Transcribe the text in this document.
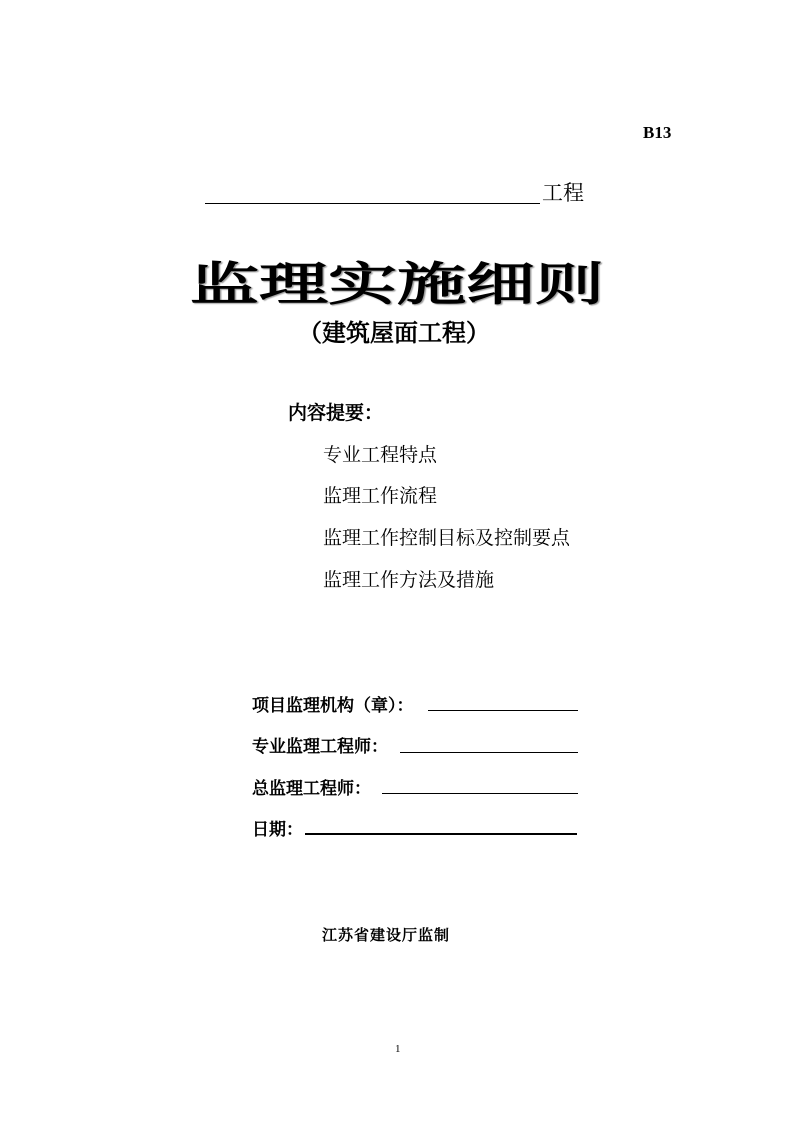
B13
工程
监理实施细则
（建筑屋面工程）
内容提要：
专业工程特点
监理工作流程
监理工作控制目标及控制要点
监理工作方法及措施
项目监理机构（章）：
专业监理工程师：
总监理工程师：
日期：
江苏省建设厅监制
1
